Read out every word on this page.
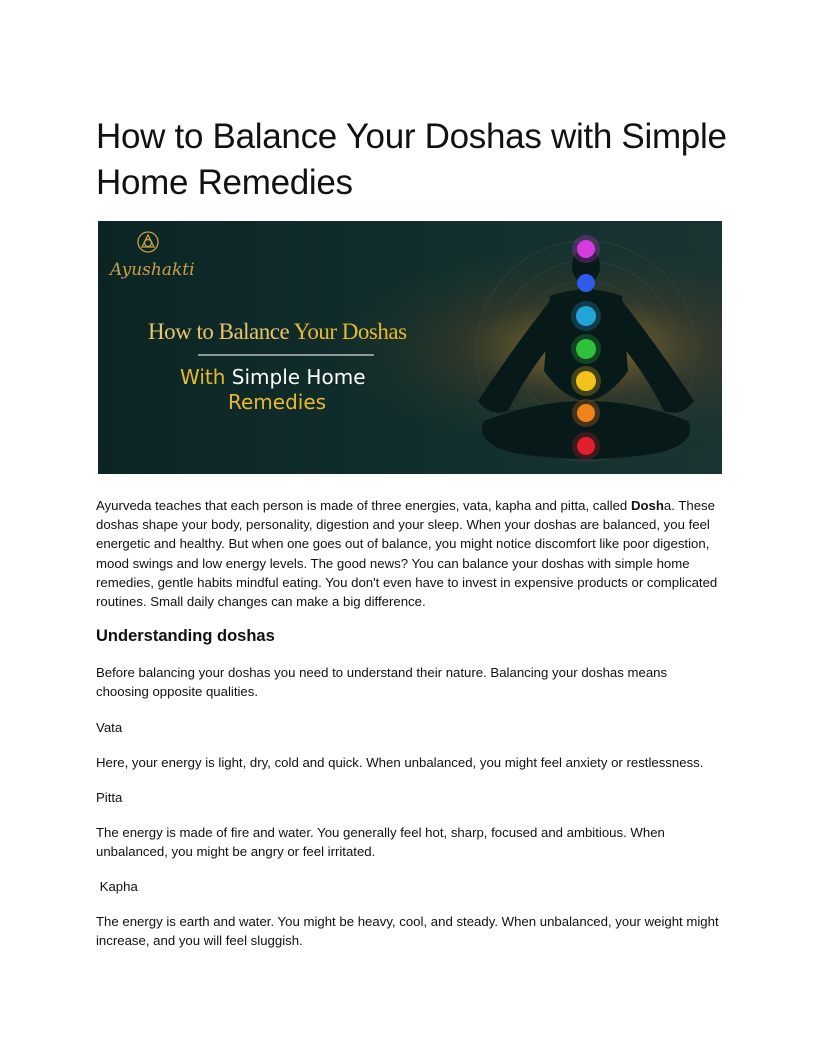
How to Balance Your Doshas with Simple Home Remedies
Ayushakti
How to Balance Your Doshas
With Simple Home
Remedies

Ayurveda teaches that each person is made of three energies, vata, kapha and pitta, called Dosha. These doshas shape your body, personality, digestion and your sleep. When your doshas are balanced, you feel energetic and healthy. But when one goes out of balance, you might notice discomfort like poor digestion, mood swings and low energy levels. The good news? You can balance your doshas with simple home remedies, gentle habits mindful eating. You don't even have to invest in expensive products or complicated routines. Small daily changes can make a big difference.

Understanding doshas

Before balancing your doshas you need to understand their nature. Balancing your doshas means choosing opposite qualities.

Vata

Here, your energy is light, dry, cold and quick. When unbalanced, you might feel anxiety or restlessness.

Pitta

The energy is made of fire and water. You generally feel hot, sharp, focused and ambitious. When unbalanced, you might be angry or feel irritated.

Kapha

The energy is earth and water. You might be heavy, cool, and steady. When unbalanced, your weight might increase, and you will feel sluggish.
